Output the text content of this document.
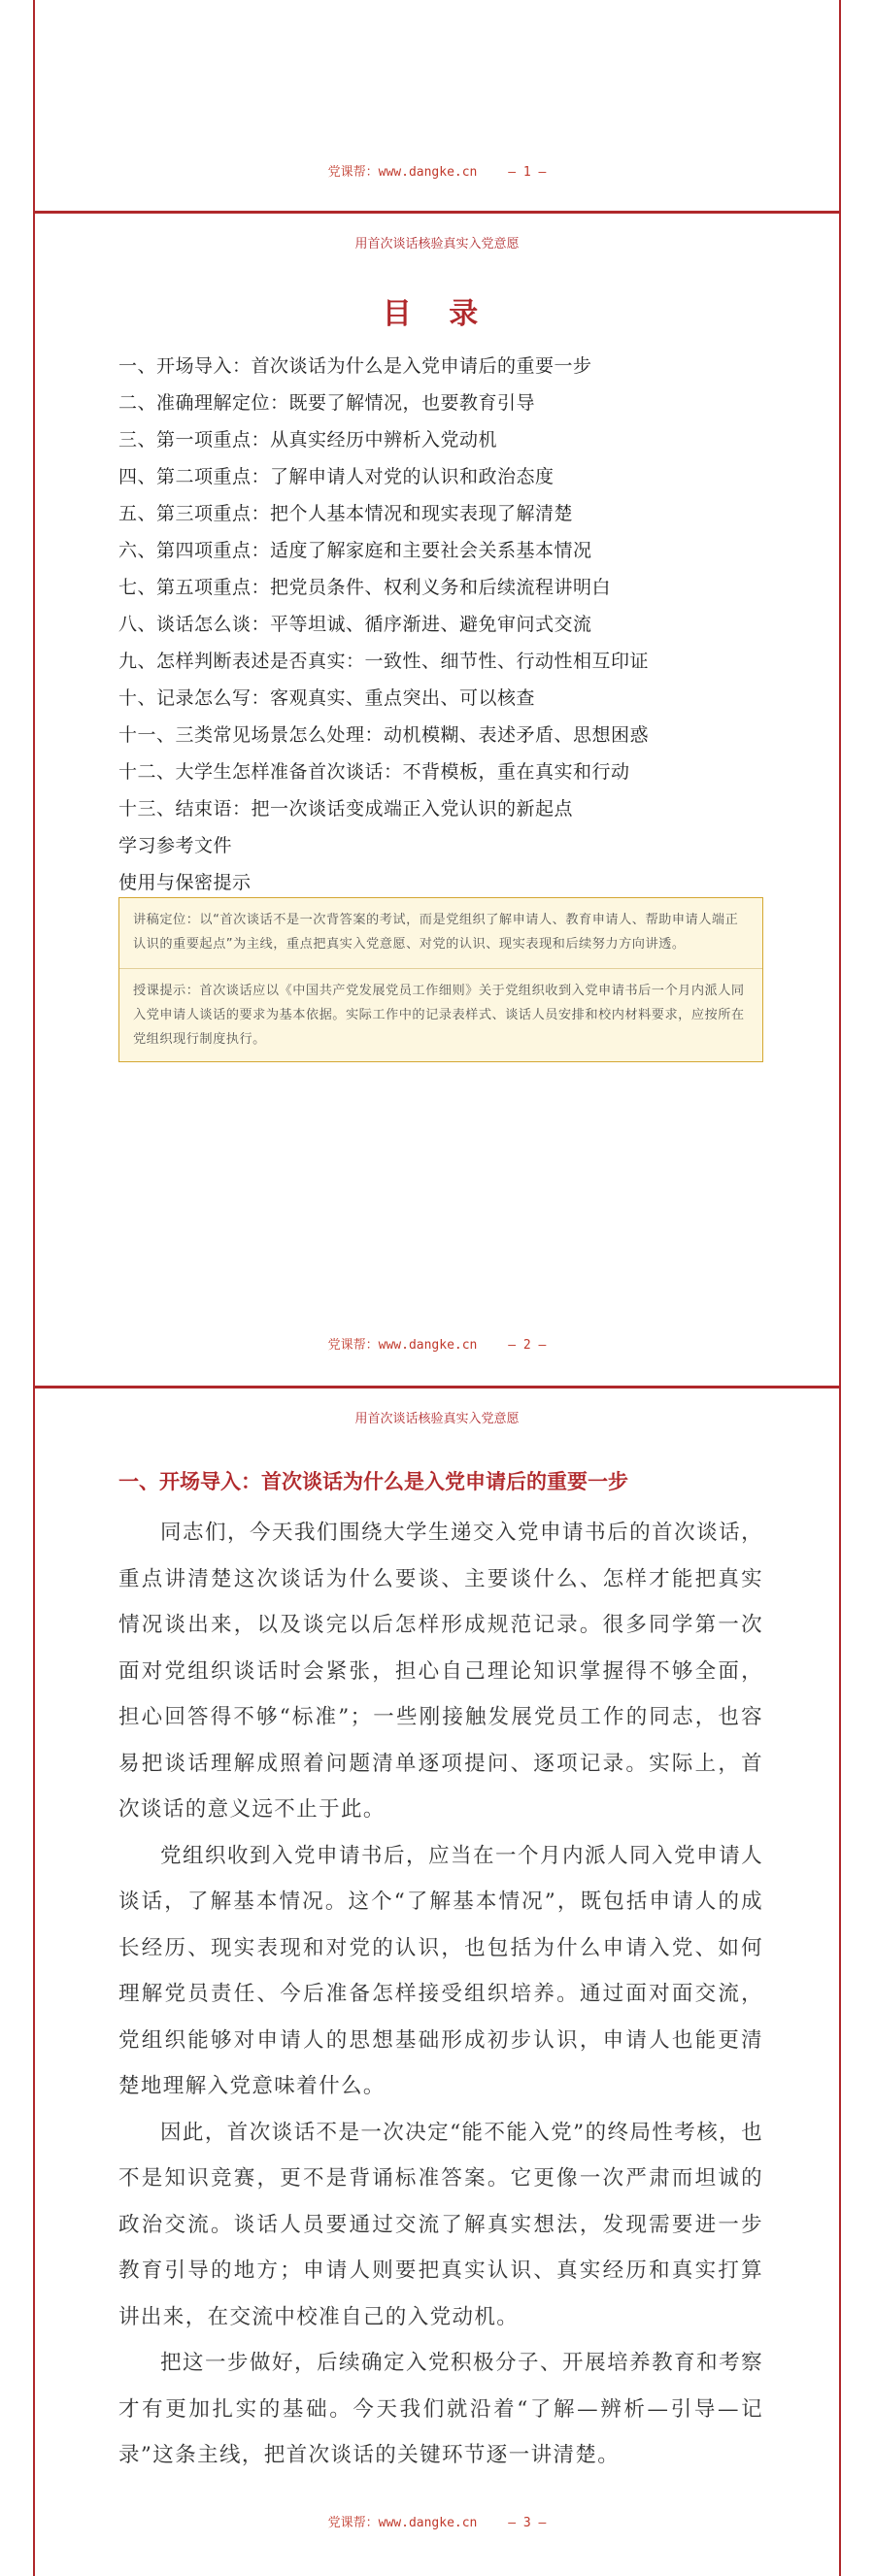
党课帮：www.dangke.cn — 1 —
用首次谈话核验真实入党意愿
目 录
一、开场导入：首次谈话为什么是入党申请后的重要一步
二、准确理解定位：既要了解情况，也要教育引导
三、第一项重点：从真实经历中辨析入党动机
四、第二项重点：了解申请人对党的认识和政治态度
五、第三项重点：把个人基本情况和现实表现了解清楚
六、第四项重点：适度了解家庭和主要社会关系基本情况
七、第五项重点：把党员条件、权利义务和后续流程讲明白
八、谈话怎么谈：平等坦诚、循序渐进、避免审问式交流
九、怎样判断表述是否真实：一致性、细节性、行动性相互印证
十、记录怎么写：客观真实、重点突出、可以核查
十一、三类常见场景怎么处理：动机模糊、表述矛盾、思想困惑
十二、大学生怎样准备首次谈话：不背模板，重在真实和行动
十三、结束语：把一次谈话变成端正入党认识的新起点
学习参考文件
使用与保密提示
讲稿定位：以“首次谈话不是一次背答案的考试，而是党组织了解申请人、教育申请人、帮助申请人端正认识的重要起点”为主线，重点把真实入党意愿、对党的认识、现实表现和后续努力方向讲透。
授课提示：首次谈话应以《中国共产党发展党员工作细则》关于党组织收到入党申请书后一个月内派人同入党申请人谈话的要求为基本依据。实际工作中的记录表样式、谈话人员安排和校内材料要求，应按所在党组织现行制度执行。
党课帮：www.dangke.cn — 2 —
用首次谈话核验真实入党意愿
一、开场导入：首次谈话为什么是入党申请后的重要一步

同志们，今天我们围绕大学生递交入党申请书后的首次谈话，重点讲清楚这次谈话为什么要谈、主要谈什么、怎样才能把真实情况谈出来，以及谈完以后怎样形成规范记录。很多同学第一次面对党组织谈话时会紧张，担心自己理论知识掌握得不够全面，担心回答得不够“标准”；一些刚接触发展党员工作的同志，也容易把谈话理解成照着问题清单逐项提问、逐项记录。实际上，首次谈话的意义远不止于此。

党组织收到入党申请书后，应当在一个月内派人同入党申请人谈话，了解基本情况。这个“了解基本情况”，既包括申请人的成长经历、现实表现和对党的认识，也包括为什么申请入党、如何理解党员责任、今后准备怎样接受组织培养。通过面对面交流，党组织能够对申请人的思想基础形成初步认识，申请人也能更清楚地理解入党意味着什么。

因此，首次谈话不是一次决定“能不能入党”的终局性考核，也不是知识竞赛，更不是背诵标准答案。它更像一次严肃而坦诚的政治交流。谈话人员要通过交流了解真实想法，发现需要进一步教育引导的地方；申请人则要把真实认识、真实经历和真实打算讲出来，在交流中校准自己的入党动机。

把这一步做好，后续确定入党积极分子、开展培养教育和考察才有更加扎实的基础。今天我们就沿着“了解—辨析—引导—记录”这条主线，把首次谈话的关键环节逐一讲清楚。

党课帮：www.dangke.cn — 3 —
